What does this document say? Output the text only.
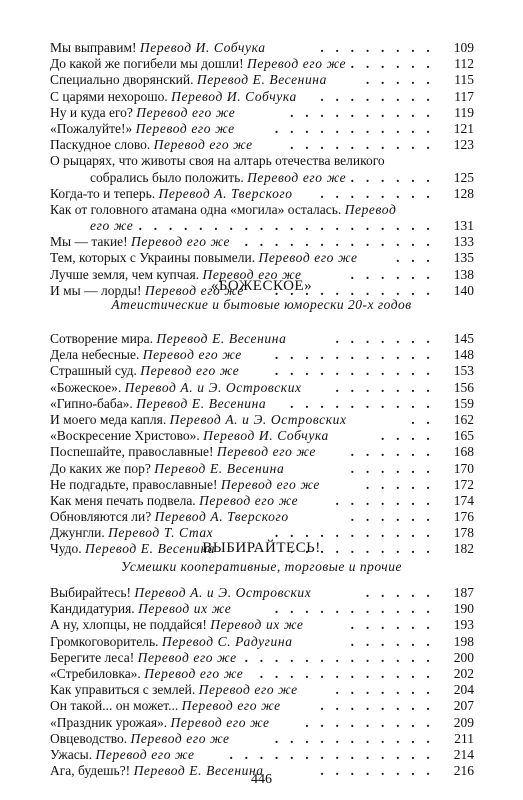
Мы выправим! Перевод И. Собчука	. . . . . . . .	109
До какой же погибели мы дошли! Перевод его же . . . . . .	112
Специально дворянский. Перевод Е. Весенина	. . . . .	115
С царями нехорошо. Перевод И. Собчука . . . . . . . .	117
Ну и куда его? Перевод его же	. . . . . . . . . .	119
«Пожалуйте!» Перевод его же	. . . . . . . . . . .	121
Паскудное слово. Перевод его же	. . . . . . . . . .	123
О рыцарях, что животы своя на алтарь отечества великого
собрались было положить. Перевод его же . . . . . .	125
Когда-то и теперь. Перевод А. Тверского . . . . . . . .	128
Как от головного атамана одна «могила» осталась. Перевод
его же . . . . . . . . . . . . . . . . . . . .	131
Мы — такие! Перевод его же . . . . . . . . . . . . .	133
Тем, которых с Украины повымели. Перевод его же	. . .	135
Лучше земля, чем купчая. Перевод его же	. . . . . .	138
И мы — лорды! Перевод его же . . . . . . . . . . .	140
«БОЖЕСКОЕ»
Атеистические и бытовые юморески 20-х годов
Сотворение мира. Перевод Е. Весенина	. . . . . . .	145
Дела небесные. Перевод его же . . . . . . . . . . .	148
Страшный суд. Перевод его же	. . . . . . . . . . .	153
«Божеское». Перевод А. и Э. Островских	. . . . . . .	156
«Гипно-баба». Перевод Е. Весенина . . . . . . . . . .	159
И моего меда капля. Перевод А. и Э. Островских	. .	162
«Воскресение Христово». Перевод И. Собчука	. . . .	165
Поспешайте, православные! Перевод его же	. . . . . .	168
До каких же пор? Перевод Е. Весенина	. . . . . .	170
Не подгадьте, православные! Перевод его же	. . . . .	172
Как меня печать подвела. Перевод его же	. . . . . . .	174
Обновляются ли? Перевод А. Тверского	. . . . . .	176
Джунгли. Перевод Т. Стах	. . . . . . . . . . .	178
Чудо. Перевод Е. Весенина	. . . . . . . . . .	182
ВЫБИРАЙТЕСЬ!
Усмешки кооперативные, торговые и прочие
Выбирайтесь! Перевод А. и Э. Островских	. . . . .	187
Кандидатурия. Перевод их же	. . . . . . . . . . .	190
А ну, хлопцы, не поддайся! Перевод их же	. . . . . .	193
Громкоговоритель. Перевод С. Радугина	. . . . . .	198
Берегите леса! Перевод его же . . . . . . . . . . . . .	200
«Стребиловка». Перевод его же . . . . . . . . . . . .	202
Как управиться с землей. Перевод его же	. . . . . . .	204
Он такой... он может... Перевод его же	. . . . . . . .	207
«Праздник урожая». Перевод его же	. . . . . . . . .	209
Овцеводство. Перевод его же	. . . . . . . . . . .	211
Ужасы. Перевод его же	. . . . . . . . . . . . . .	214
Ага, будешь?! Перевод Е. Весенина	. . . . . . . .	216
446
